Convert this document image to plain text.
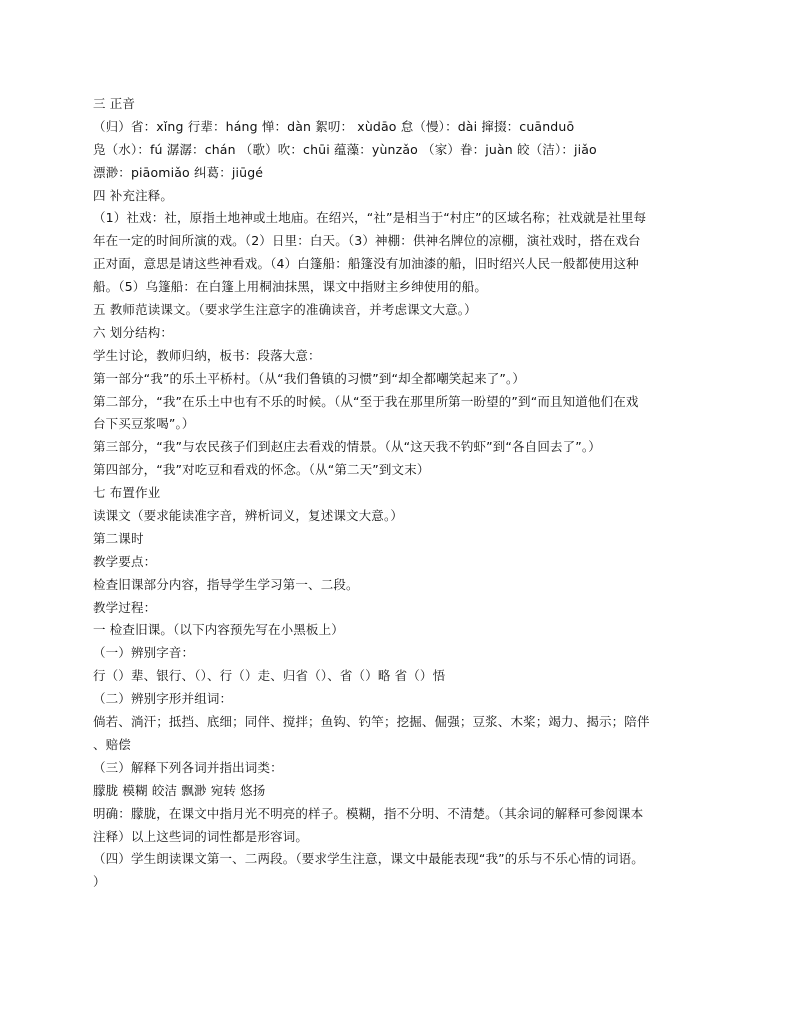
三 正音
（归）省：xǐng 行辈：háng 惮：dàn 絮叨： xùdāo 怠（慢）：dài 撺掇：cuānduō
凫（水）：fú 潺潺：chán （歌）吹：chūi 蕴藻：yùnzǎo （家）眷：juàn 皎（洁）：jiǎo
漂渺：piāomiǎo 纠葛：jiūgé
四 补充注释。
（1）社戏：社，原指土地神或土地庙。在绍兴，“社”是相当于“村庄”的区域名称；社戏就是社里每
年在一定的时间所演的戏。（2）日里：白天。（3）神棚：供神名牌位的凉棚，演社戏时，搭在戏台
正对面，意思是请这些神看戏。（4）白篷船：船篷没有加油漆的船，旧时绍兴人民一般都使用这种
船。（5）乌篷船：在白篷上用桐油抹黑，课文中指财主乡绅使用的船。
五 教师范读课文。（要求学生注意字的准确读音，并考虑课文大意。）
六 划分结构：
学生讨论，教师归纳，板书：段落大意：
第一部分“我”的乐土平桥村。（从“我们鲁镇的习惯”到“却全都嘲笑起来了”。）
第二部分，“我”在乐土中也有不乐的时候。（从“至于我在那里所第一盼望的”到“而且知道他们在戏
台下买豆浆喝”。）
第三部分，“我”与农民孩子们到赵庄去看戏的情景。（从“这天我不钓虾”到“各自回去了”。）
第四部分，“我”对吃豆和看戏的怀念。（从“第二天”到文末）
七 布置作业
读课文（要求能读准字音，辨析词义，复述课文大意。）
第二课时
教学要点：
检查旧课部分内容，指导学生学习第一、二段。
教学过程：
一 检查旧课。（以下内容预先写在小黑板上）
（一）辨别字音：
行（）辈、银行、（）、行（）走、归省（）、省（）略 省（）悟
（二）辨别字形并组词：
倘若、淌汗；抵挡、底细；同伴、搅拌；鱼钩、钓竿；挖掘、倔强；豆浆、木桨；竭力、揭示；陪伴
、赔偿
（三）解释下列各词并指出词类：
朦胧 模糊 皎洁 飘渺 宛转 悠扬
明确：朦胧，在课文中指月光不明亮的样子。模糊，指不分明、不清楚。（其余词的解释可参阅课本
注释）以上这些词的词性都是形容词。
（四）学生朗读课文第一、二两段。（要求学生注意，课文中最能表现“我”的乐与不乐心情的词语。
）
